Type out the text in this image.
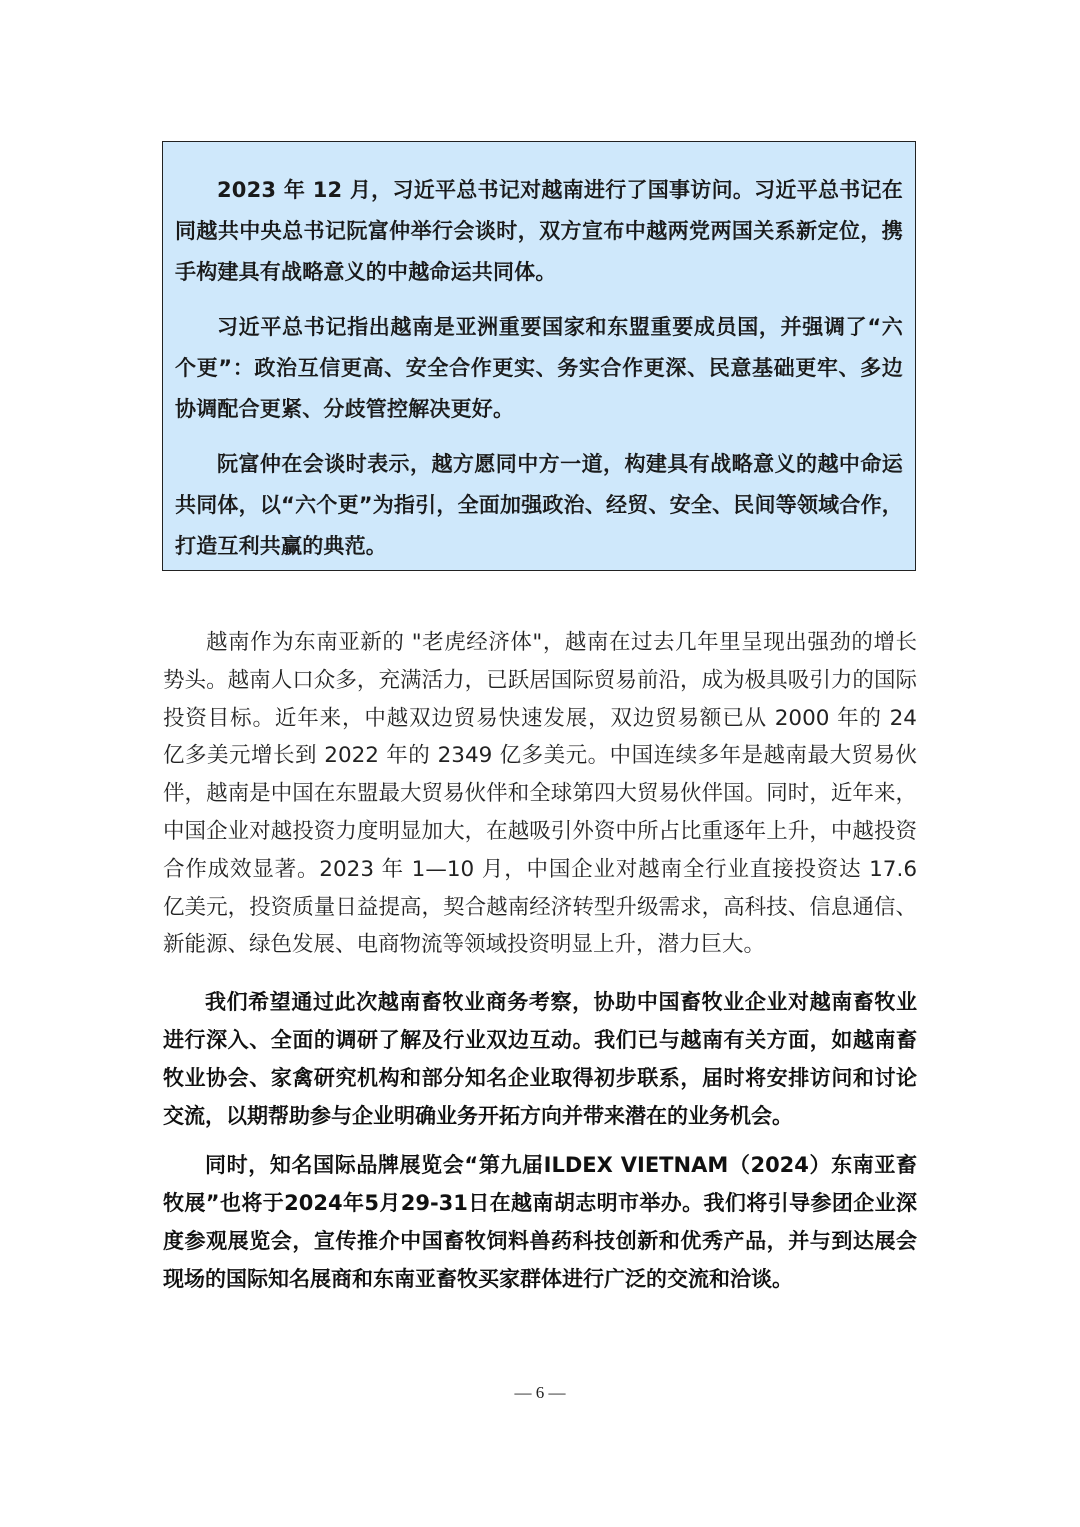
2023 年 12 月，习近平总书记对越南进行了国事访问。习近平总书记在同越共中央总书记阮富仲举行会谈时，双方宣布中越两党两国关系新定位，携手构建具有战略意义的中越命运共同体。

习近平总书记指出越南是亚洲重要国家和东盟重要成员国，并强调了“六个更”：政治互信更高、安全合作更实、务实合作更深、民意基础更牢、多边协调配合更紧、分歧管控解决更好。

阮富仲在会谈时表示，越方愿同中方一道，构建具有战略意义的越中命运共同体，以“六个更”为指引，全面加强政治、经贸、安全、民间等领域合作，打造互利共赢的典范。

越南作为东南亚新的 "老虎经济体"，越南在过去几年里呈现出强劲的增长势头。越南人口众多，充满活力，已跃居国际贸易前沿，成为极具吸引力的国际投资目标。近年来，中越双边贸易快速发展，双边贸易额已从 2000 年的 24 亿多美元增长到 2022 年的 2349 亿多美元。中国连续多年是越南最大贸易伙伴，越南是中国在东盟最大贸易伙伴和全球第四大贸易伙伴国。同时，近年来，中国企业对越投资力度明显加大，在越吸引外资中所占比重逐年上升，中越投资合作成效显著。2023 年 1—10 月，中国企业对越南全行业直接投资达 17.6 亿美元，投资质量日益提高，契合越南经济转型升级需求，高科技、信息通信、新能源、绿色发展、电商物流等领域投资明显上升，潜力巨大。

我们希望通过此次越南畜牧业商务考察，协助中国畜牧业企业对越南畜牧业进行深入、全面的调研了解及行业双边互动。我们已与越南有关方面，如越南畜牧业协会、家禽研究机构和部分知名企业取得初步联系，届时将安排访问和讨论交流，以期帮助参与企业明确业务开拓方向并带来潜在的业务机会。

同时，知名国际品牌展览会“第九届ILDEX VIETNAM（2024）东南亚畜牧展”也将于2024年5月29-31日在越南胡志明市举办。我们将引导参团企业深度参观展览会，宣传推介中国畜牧饲料兽药科技创新和优秀产品，并与到达展会现场的国际知名展商和东南亚畜牧买家群体进行广泛的交流和洽谈。

— 6 —
